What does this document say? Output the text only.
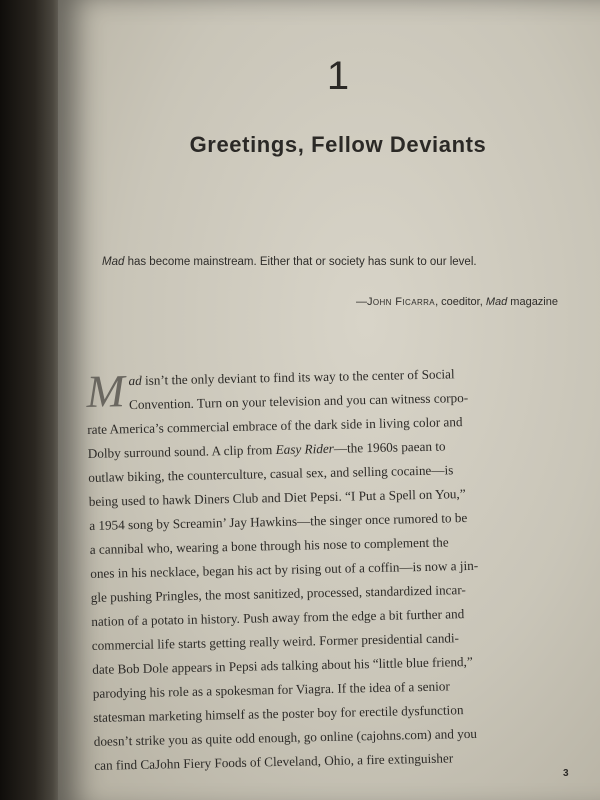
1
Greetings, Fellow Deviants
Mad has become mainstream. Either that or society has sunk to our level.
—John Ficarra, coeditor, Mad magazine
M ad isn’t the only deviant to find its way to the center of Social
Convention. Turn on your television and you can witness corpo-
rate America’s commercial embrace of the dark side in living color and
Dolby surround sound. A clip from Easy Rider—the 1960s paean to
outlaw biking, the counterculture, casual sex, and selling cocaine—is
being used to hawk Diners Club and Diet Pepsi. “I Put a Spell on You,”
a 1954 song by Screamin’ Jay Hawkins—the singer once rumored to be
a cannibal who, wearing a bone through his nose to complement the
ones in his necklace, began his act by rising out of a coffin—is now a jin-
gle pushing Pringles, the most sanitized, processed, standardized incar-
nation of a potato in history. Push away from the edge a bit further and
commercial life starts getting really weird. Former presidential candi-
date Bob Dole appears in Pepsi ads talking about his “little blue friend,”
parodying his role as a spokesman for Viagra. If the idea of a senior
statesman marketing himself as the poster boy for erectile dysfunction
doesn’t strike you as quite odd enough, go online (cajohns.com) and you
can find CaJohn Fiery Foods of Cleveland, Ohio, a fire extinguisher
3
